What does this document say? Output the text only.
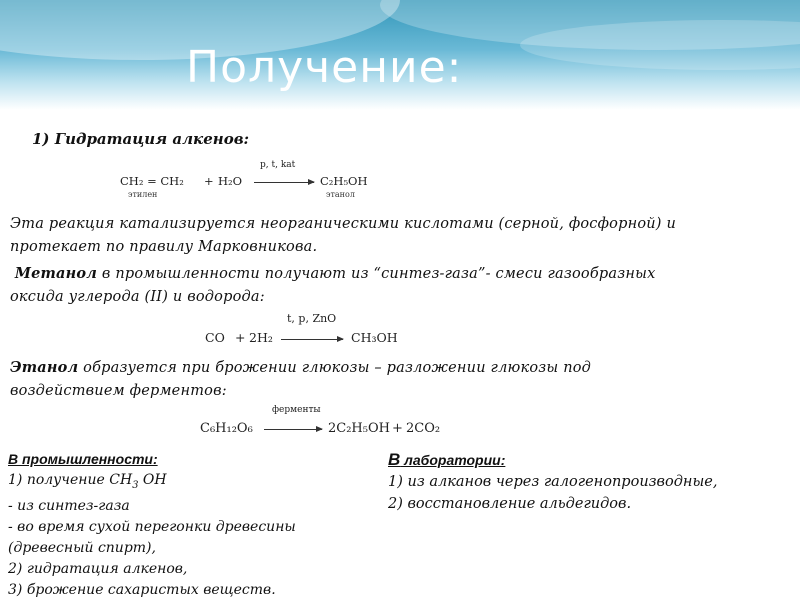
Получение:
1) Гидратация алкенов:
CH₂ = CH₂ + H₂O
p, t, kat
C₂H₅OH
этилен	этанол
Эта реакция катализируется неорганическими кислотами (серной, фосфорной) и
протекает по правилу Марковникова.
Метанол в промышленности получают из “синтез-газа”- смеси газообразных
оксида углерода (II) и водорода:
t, p, ZnO
CO + 2H₂	CH₃OH
Этанол образуется при брожении глюкозы – разложении глюкозы под
воздействием ферментов:
ферменты
C₆H₁₂O₆	2C₂H₅OH + 2CO₂
В промышленности:
1) получение $CH_3$ OH
- из синтез-газа
- во время сухой перегонки древесины
(древесный спирт),
2) гидратация алкенов,
3) брожение сахаристых веществ.
В лаборатории:
1) из алканов через галогенопроизводные,
2) восстановление альдегидов.
